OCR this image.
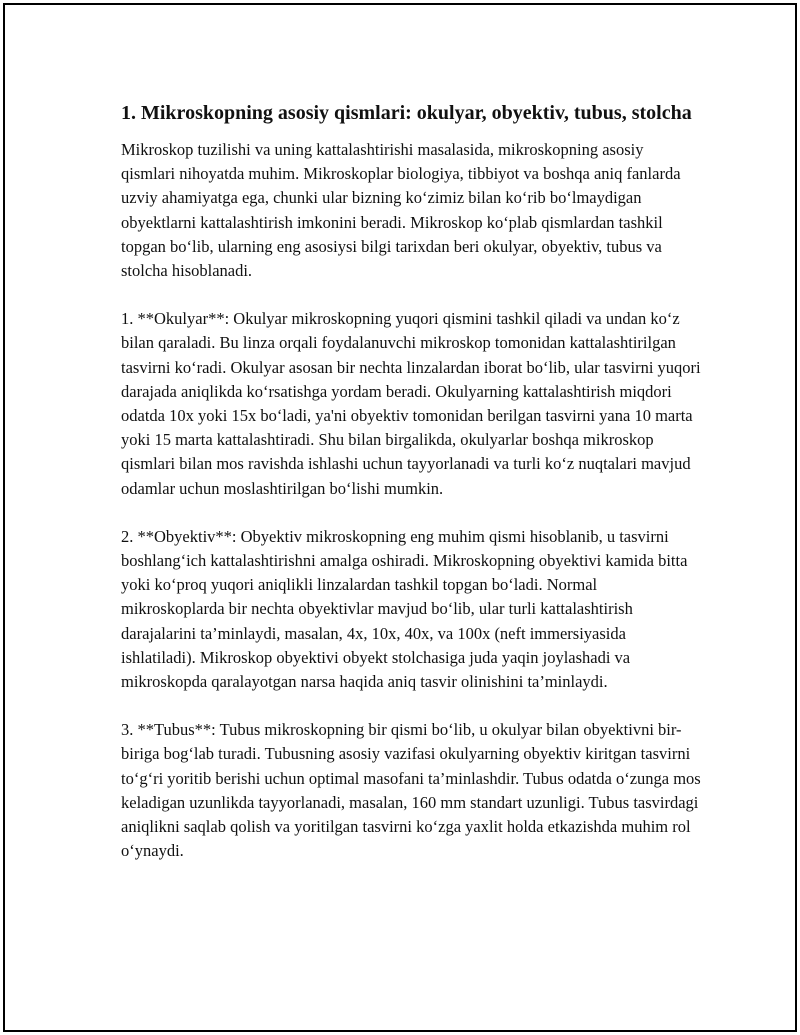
1. Mikroskopning asosiy qismlari: okulyar, obyektiv, tubus, stolcha

Mikroskop tuzilishi va uning kattalashtirishi masalasida, mikroskopning asosiy qismlari nihoyatda muhim. Mikroskoplar biologiya, tibbiyot va boshqa aniq fanlarda uzviy ahamiyatga ega, chunki ular bizning ko‘zimiz bilan ko‘rib bo‘lmaydigan obyektlarni kattalashtirish imkonini beradi. Mikroskop ko‘plab qismlardan tashkil topgan bo‘lib, ularning eng asosiysi bilgi tarixdan beri okulyar, obyektiv, tubus va stolcha hisoblanadi.

1. **Okulyar**: Okulyar mikroskopning yuqori qismini tashkil qiladi va undan ko‘z bilan qaraladi. Bu linza orqali foydalanuvchi mikroskop tomonidan kattalashtirilgan tasvirni ko‘radi. Okulyar asosan bir nechta linzalardan iborat bo‘lib, ular tasvirni yuqori darajada aniqlikda ko‘rsatishga yordam beradi. Okulyarning kattalashtirish miqdori odatda 10x yoki 15x bo‘ladi, ya'ni obyektiv tomonidan berilgan tasvirni yana 10 marta yoki 15 marta kattalashtiradi. Shu bilan birgalikda, okulyarlar boshqa mikroskop qismlari bilan mos ravishda ishlashi uchun tayyorlanadi va turli ko‘z nuqtalari mavjud odamlar uchun moslashtirilgan bo‘lishi mumkin.

2. **Obyektiv**: Obyektiv mikroskopning eng muhim qismi hisoblanib, u tasvirni boshlang‘ich kattalashtirishni amalga oshiradi. Mikroskopning obyektivi kamida bitta yoki ko‘proq yuqori aniqlikli linzalardan tashkil topgan bo‘ladi. Normal mikroskoplarda bir nechta obyektivlar mavjud bo‘lib, ular turli kattalashtirish darajalarini ta’minlaydi, masalan, 4x, 10x, 40x, va 100x (neft immersiyasida ishlatiladi). Mikroskop obyektivi obyekt stolchasiga juda yaqin joylashadi va mikroskopda qaralayotgan narsa haqida aniq tasvir olinishini ta’minlaydi.

3. **Tubus**: Tubus mikroskopning bir qismi bo‘lib, u okulyar bilan obyektivni bir-biriga bog‘lab turadi. Tubusning asosiy vazifasi okulyarning obyektiv kiritgan tasvirni to‘g‘ri yoritib berishi uchun optimal masofani ta’minlashdir. Tubus odatda o‘zunga mos keladigan uzunlikda tayyorlanadi, masalan, 160 mm standart uzunligi. Tubus tasvirdagi aniqlikni saqlab qolish va yoritilgan tasvirni ko‘zga yaxlit holda etkazishda muhim rol o‘ynaydi.
